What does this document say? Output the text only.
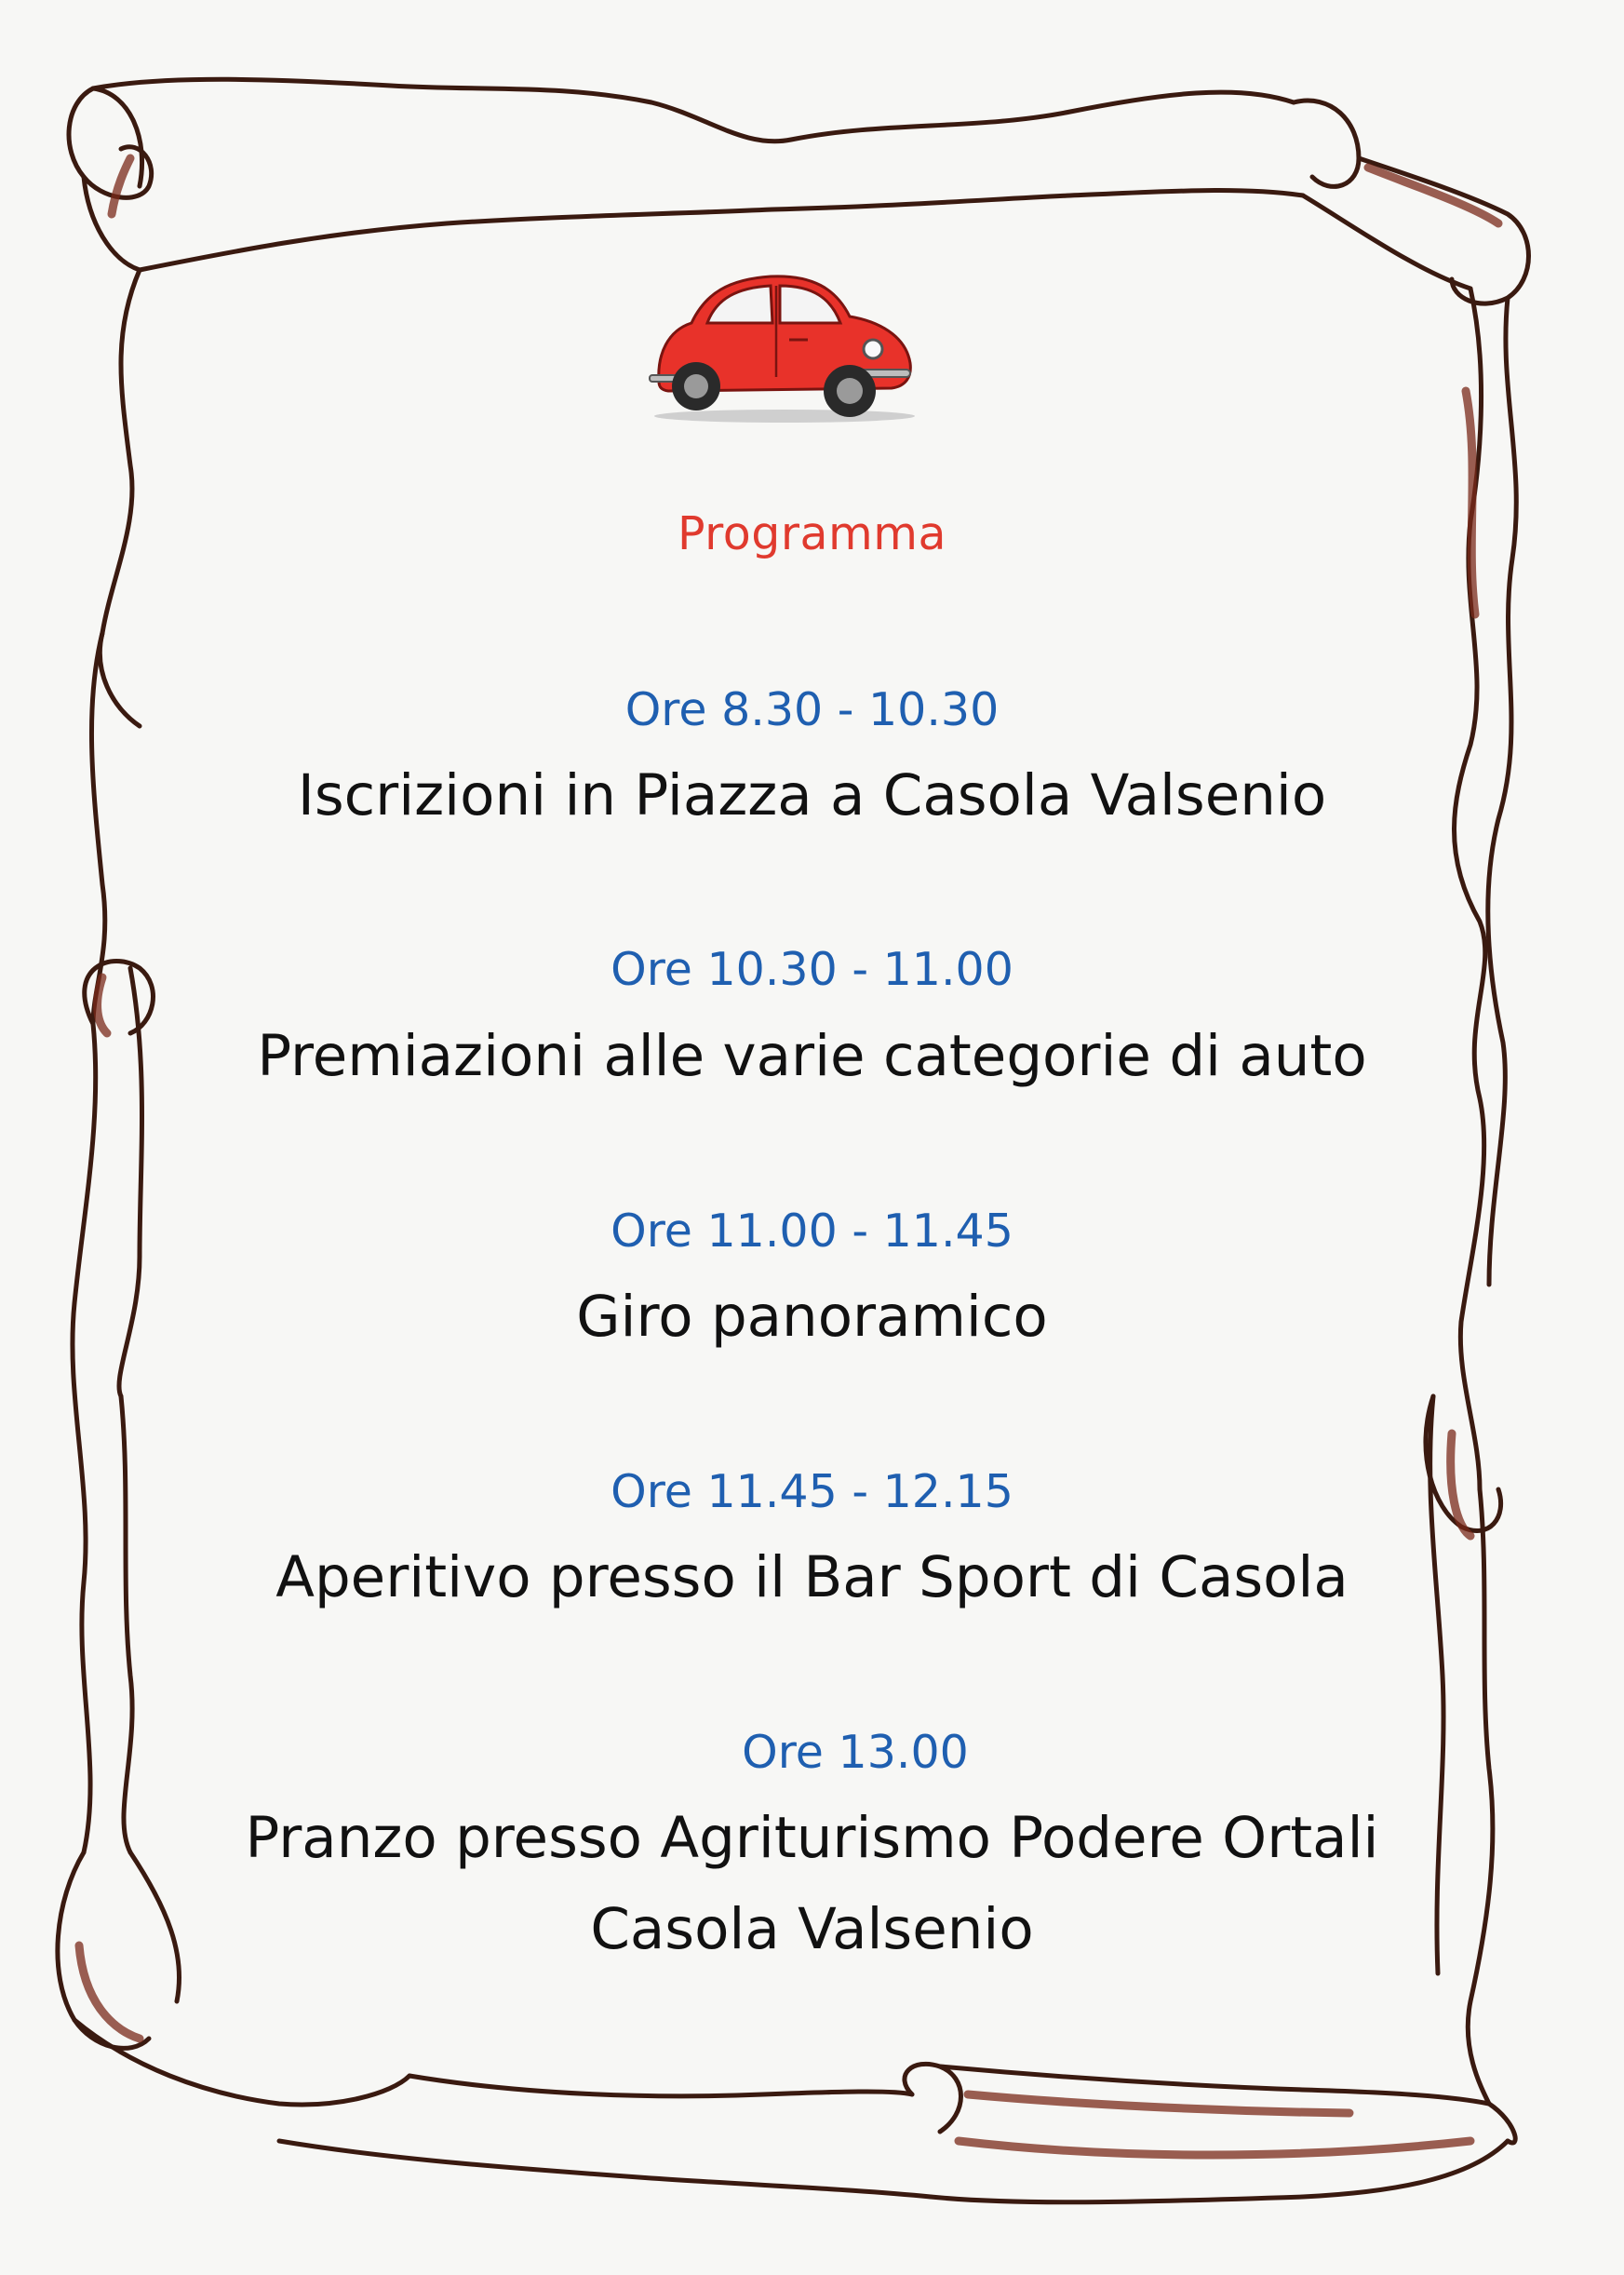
Programma
Ore 8.30 - 10.30
Iscrizioni in Piazza a Casola Valsenio
Ore 10.30 - 11.00
Premiazioni alle varie categorie di auto
Ore 11.00 - 11.45
Giro panoramico
Ore 11.45 - 12.15
Aperitivo presso il Bar Sport di Casola
Ore 13.00
Pranzo presso Agriturismo Podere Ortali
Casola Valsenio
